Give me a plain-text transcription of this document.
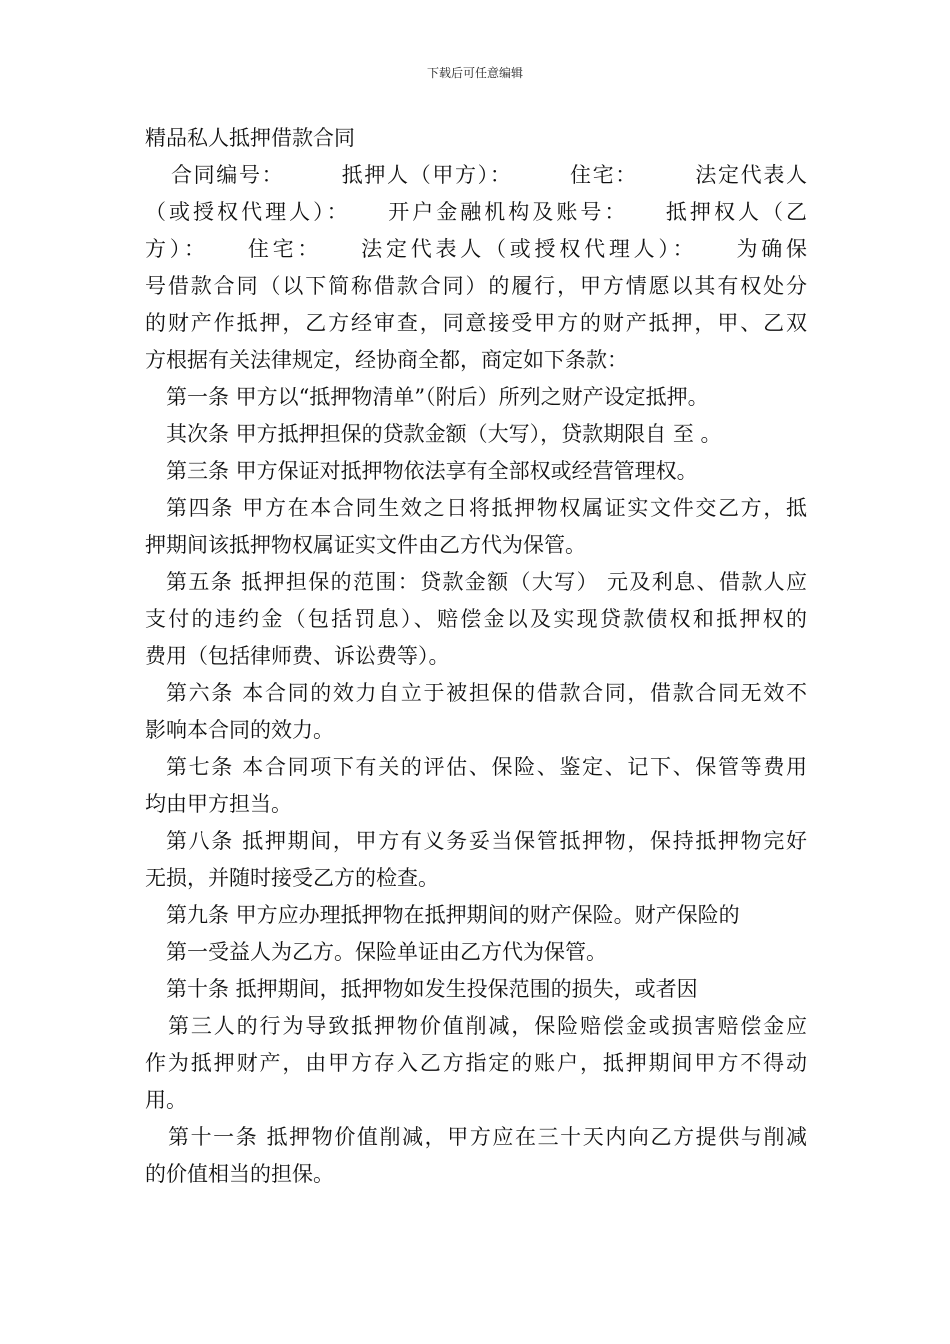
下载后可任意编辑
精品私人抵押借款合同
合同编号：　　　抵押人（甲方）：　　　住宅：　　　法定代表人
（或授权代理人）：　　开户金融机构及账号：　　抵押权人（乙
方）：　　住宅：　　法定代表人（或授权代理人）：　　为确保
号借款合同（以下简称借款合同）的履行，甲方情愿以其有权处分
的财产作抵押，乙方经审查，同意接受甲方的财产抵押，甲、乙双
方根据有关法律规定，经协商全都，商定如下条款：
第一条 甲方以“抵押物清单”（附后）所列之财产设定抵押。
其次条 甲方抵押担保的贷款金额（大写），贷款期限自 至 。
第三条 甲方保证对抵押物依法享有全部权或经营管理权。
第四条 甲方在本合同生效之日将抵押物权属证实文件交乙方，抵
押期间该抵押物权属证实文件由乙方代为保管。
第五条 抵押担保的范围：贷款金额（大写） 元及利息、借款人应
支付的违约金（包括罚息）、赔偿金以及实现贷款债权和抵押权的
费用（包括律师费、诉讼费等）。
第六条 本合同的效力自立于被担保的借款合同，借款合同无效不
影响本合同的效力。
第七条 本合同项下有关的评估、保险、鉴定、记下、保管等费用
均由甲方担当。
第八条 抵押期间，甲方有义务妥当保管抵押物，保持抵押物完好
无损，并随时接受乙方的检查。
第九条 甲方应办理抵押物在抵押期间的财产保险。财产保险的
第一受益人为乙方。保险单证由乙方代为保管。
第十条 抵押期间，抵押物如发生投保范围的损失，或者因
第三人的行为导致抵押物价值削减，保险赔偿金或损害赔偿金应
作为抵押财产，由甲方存入乙方指定的账户，抵押期间甲方不得动
用。
第十一条 抵押物价值削减，甲方应在三十天内向乙方提供与削减
的价值相当的担保。
